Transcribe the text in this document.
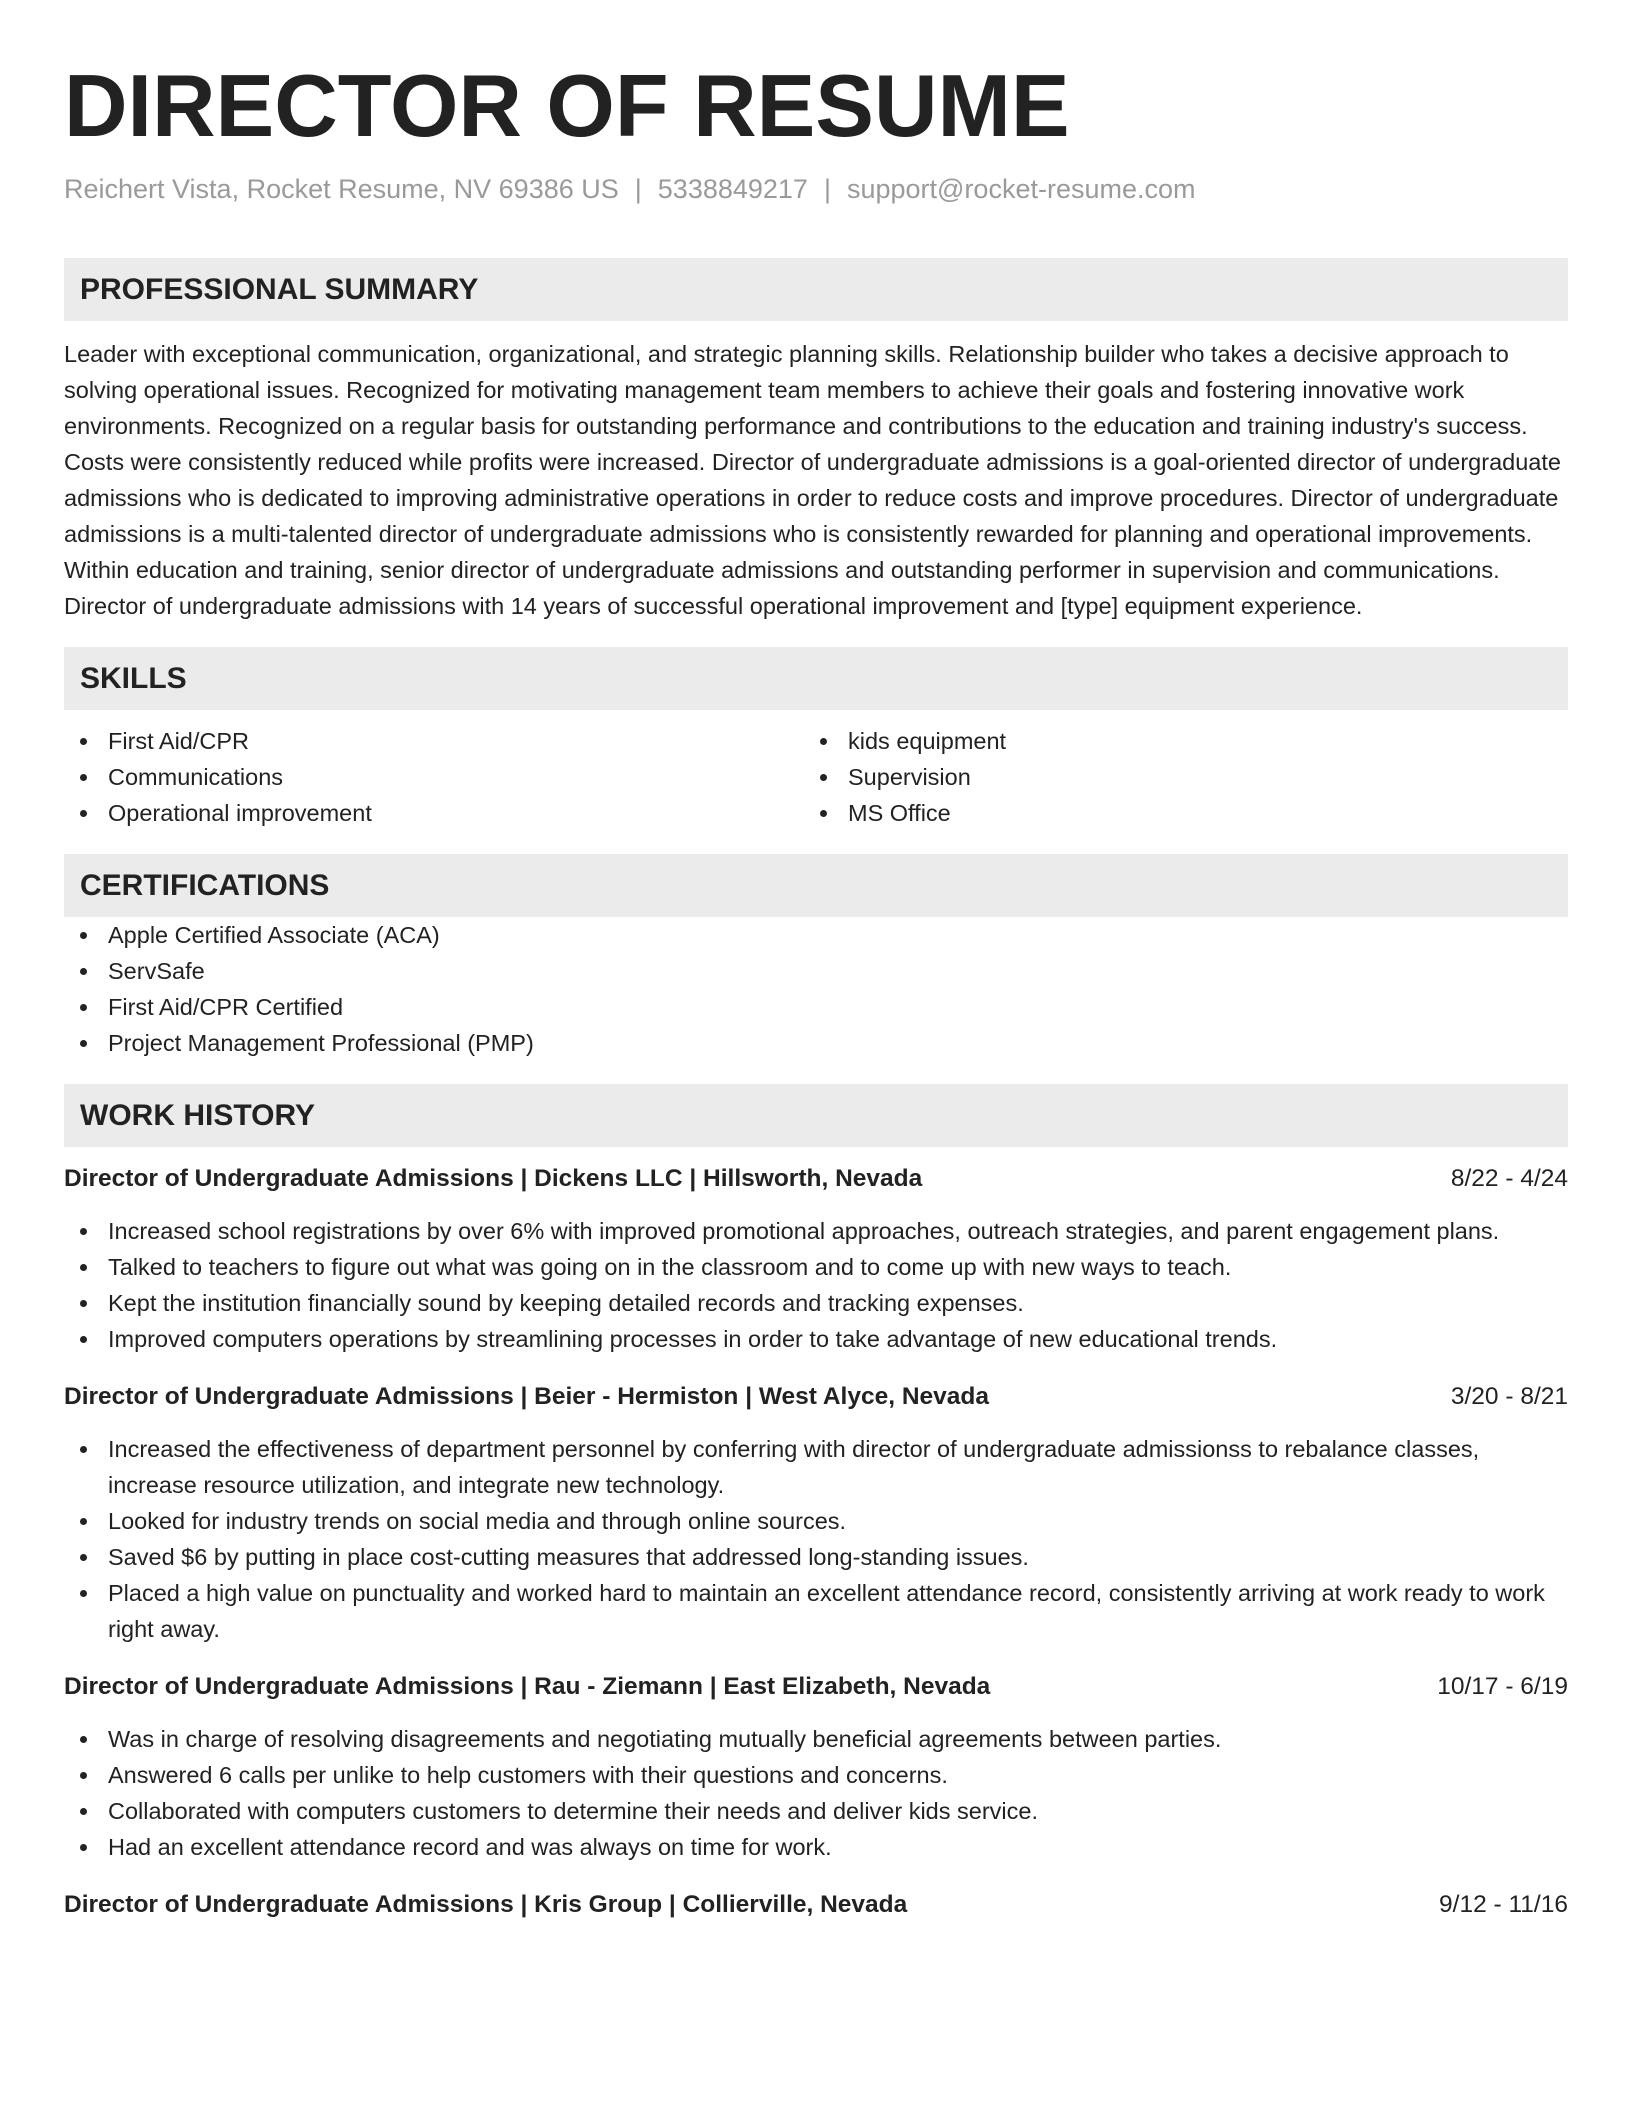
DIRECTOR OF RESUME
Reichert Vista, Rocket Resume, NV 69386 US | 5338849217 | support@rocket-resume.com
PROFESSIONAL SUMMARY
Leader with exceptional communication, organizational, and strategic planning skills. Relationship builder who takes a decisive approach to solving operational issues. Recognized for motivating management team members to achieve their goals and fostering innovative work environments. Recognized on a regular basis for outstanding performance and contributions to the education and training industry's success. Costs were consistently reduced while profits were increased. Director of undergraduate admissions is a goal-oriented director of undergraduate admissions who is dedicated to improving administrative operations in order to reduce costs and improve procedures. Director of undergraduate admissions is a multi-talented director of undergraduate admissions who is consistently rewarded for planning and operational improvements. Within education and training, senior director of undergraduate admissions and outstanding performer in supervision and communications. Director of undergraduate admissions with 14 years of successful operational improvement and [type] equipment experience.
SKILLS
First Aid/CPR
Communications
Operational improvement
kids equipment
Supervision
MS Office
CERTIFICATIONS
Apple Certified Associate (ACA)
ServSafe
First Aid/CPR Certified
Project Management Professional (PMP)
WORK HISTORY
Director of Undergraduate Admissions | Dickens LLC | Hillsworth, Nevada	8/22 - 4/24
Increased school registrations by over 6% with improved promotional approaches, outreach strategies, and parent engagement plans.
Talked to teachers to figure out what was going on in the classroom and to come up with new ways to teach.
Kept the institution financially sound by keeping detailed records and tracking expenses.
Improved computers operations by streamlining processes in order to take advantage of new educational trends.
Director of Undergraduate Admissions | Beier - Hermiston | West Alyce, Nevada	3/20 - 8/21
Increased the effectiveness of department personnel by conferring with director of undergraduate admissionss to rebalance classes, increase resource utilization, and integrate new technology.
Looked for industry trends on social media and through online sources.
Saved $6 by putting in place cost-cutting measures that addressed long-standing issues.
Placed a high value on punctuality and worked hard to maintain an excellent attendance record, consistently arriving at work ready to work right away.
Director of Undergraduate Admissions | Rau - Ziemann | East Elizabeth, Nevada	10/17 - 6/19
Was in charge of resolving disagreements and negotiating mutually beneficial agreements between parties.
Answered 6 calls per unlike to help customers with their questions and concerns.
Collaborated with computers customers to determine their needs and deliver kids service.
Had an excellent attendance record and was always on time for work.
Director of Undergraduate Admissions | Kris Group | Collierville, Nevada	9/12 - 11/16
